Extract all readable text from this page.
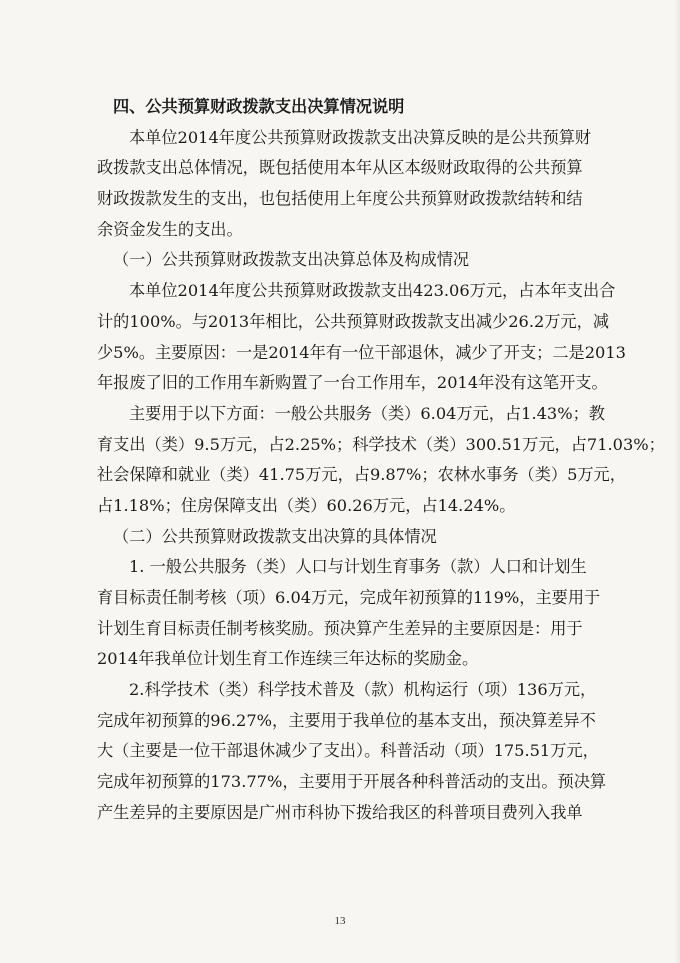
四、公共预算财政拨款支出决算情况说明
本单位2014年度公共预算财政拨款支出决算反映的是公共预算财
政拨款支出总体情况，既包括使用本年从区本级财政取得的公共预算
财政拨款发生的支出，也包括使用上年度公共预算财政拨款结转和结
余资金发生的支出。
（一）公共预算财政拨款支出决算总体及构成情况
本单位2014年度公共预算财政拨款支出423.06万元，占本年支出合
计的100%。与2013年相比，公共预算财政拨款支出减少26.2万元，减
少5%。主要原因：一是2014年有一位干部退休，减少了开支；二是2013
年报废了旧的工作用车新购置了一台工作用车，2014年没有这笔开支。
主要用于以下方面：一般公共服务（类）6.04万元，占1.43%；教
育支出（类）9.5万元，占2.25%；科学技术（类）300.51万元，占71.03%；
社会保障和就业（类）41.75万元，占9.87%；农林水事务（类）5万元，
占1.18%；住房保障支出（类）60.26万元，占14.24%。
（二）公共预算财政拨款支出决算的具体情况
1. 一般公共服务（类）人口与计划生育事务（款）人口和计划生
育目标责任制考核（项）6.04万元，完成年初预算的119%，主要用于
计划生育目标责任制考核奖励。预决算产生差异的主要原因是：用于
2014年我单位计划生育工作连续三年达标的奖励金。
2.科学技术（类）科学技术普及（款）机构运行（项）136万元，
完成年初预算的96.27%，主要用于我单位的基本支出，预决算差异不
大（主要是一位干部退休减少了支出）。科普活动（项）175.51万元，
完成年初预算的173.77%，主要用于开展各种科普活动的支出。预决算
产生差异的主要原因是广州市科协下拨给我区的科普项目费列入我单
13
